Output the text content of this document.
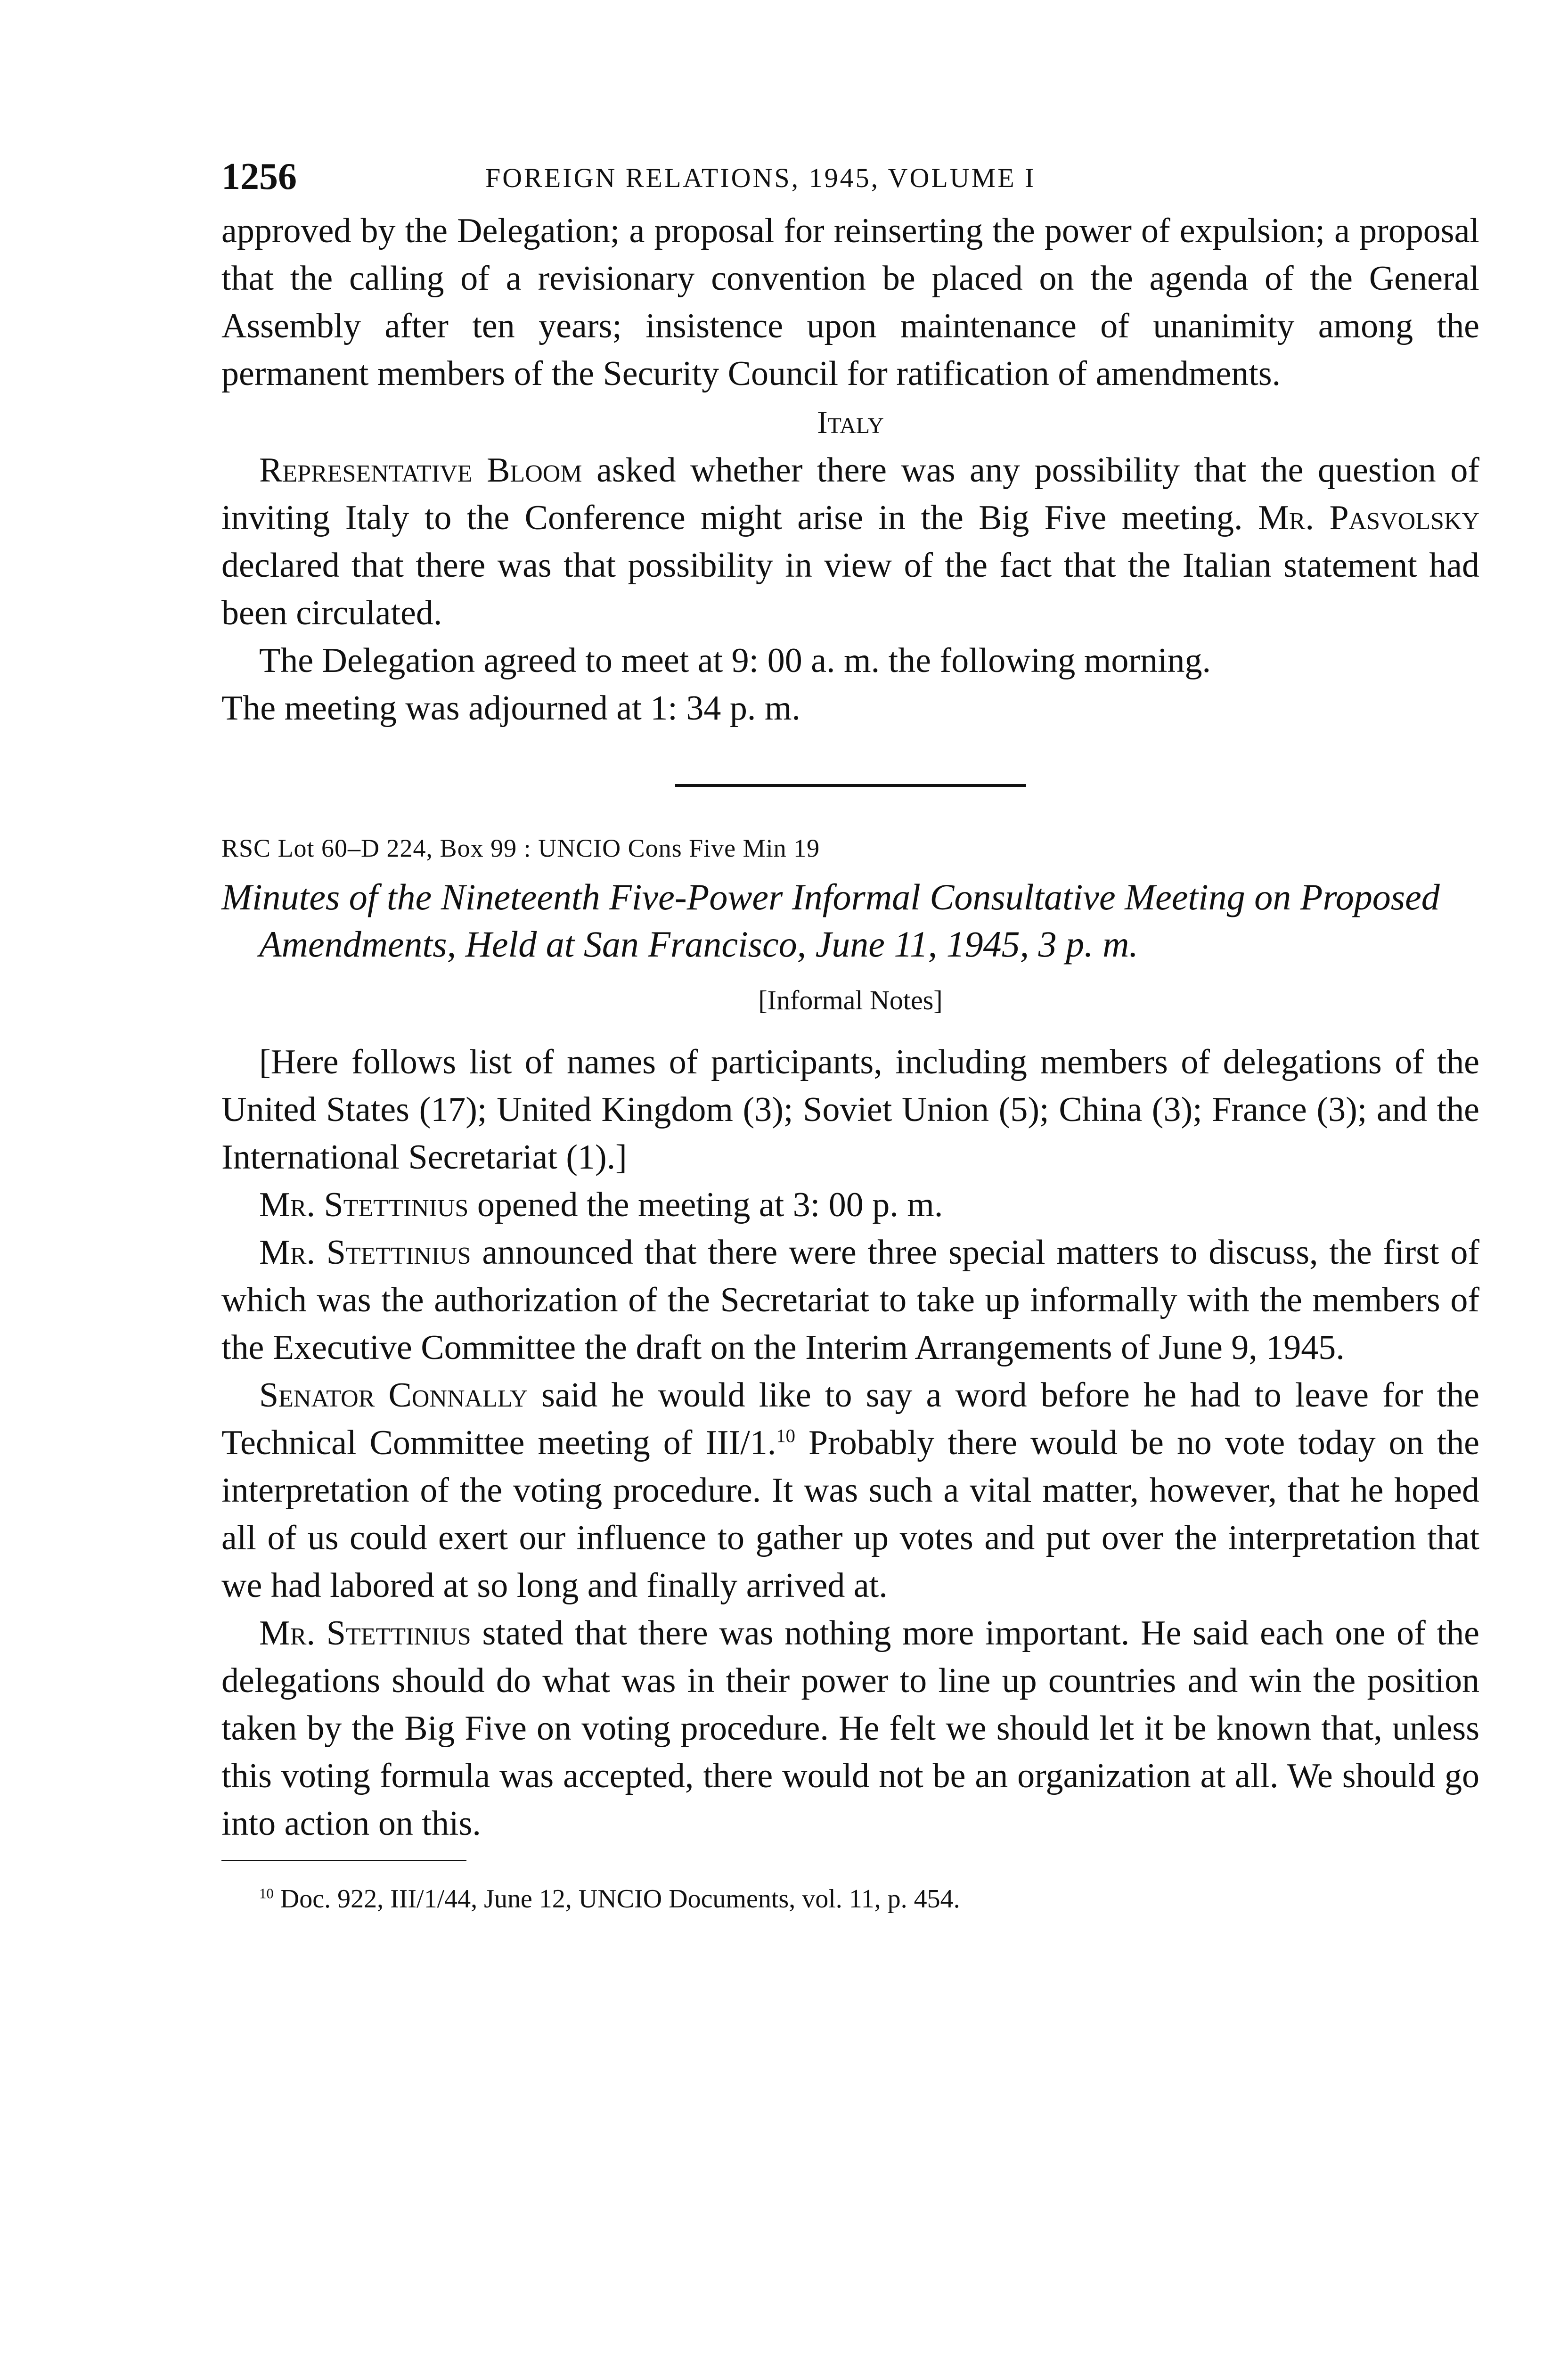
1256	FOREIGN RELATIONS, 1945, VOLUME I

approved by the Delegation; a proposal for reinserting the power of expulsion; a proposal that the calling of a revisionary convention be placed on the agenda of the General Assembly after ten years; insistence upon maintenance of unanimity among the permanent members of the Security Council for ratification of amendments.

Italy

Representative Bloom asked whether there was any possibility that the question of inviting Italy to the Conference might arise in the Big Five meeting. Mr. Pasvolsky declared that there was that possibility in view of the fact that the Italian statement had been circulated.

The Delegation agreed to meet at 9: 00 a. m. the following morning.

The meeting was adjourned at 1: 34 p. m.

RSC Lot 60–D 224, Box 99 : UNCIO Cons Five Min 19

Minutes of the Nineteenth Five-Power Informal Consultative Meeting on Proposed Amendments, Held at San Francisco, June 11, 1945, 3 p. m.

[Informal Notes]

[Here follows list of names of participants, including members of delegations of the United States (17); United Kingdom (3); Soviet Union (5); China (3); France (3); and the International Secretariat (1).]

Mr. Stettinius opened the meeting at 3: 00 p. m.

Mr. Stettinius announced that there were three special matters to discuss, the first of which was the authorization of the Secretariat to take up informally with the members of the Executive Committee the draft on the Interim Arrangements of June 9, 1945.

Senator Connally said he would like to say a word before he had to leave for the Technical Committee meeting of III/1.10 Probably there would be no vote today on the interpretation of the voting procedure. It was such a vital matter, however, that he hoped all of us could exert our influence to gather up votes and put over the interpretation that we had labored at so long and finally arrived at.

Mr. Stettinius stated that there was nothing more important. He said each one of the delegations should do what was in their power to line up countries and win the position taken by the Big Five on voting procedure. He felt we should let it be known that, unless this voting formula was accepted, there would not be an organization at all. We should go into action on this.

$^{10}$ Doc. 922, III/1/44, June 12, UNCIO Documents, vol. 11, p. 454.
